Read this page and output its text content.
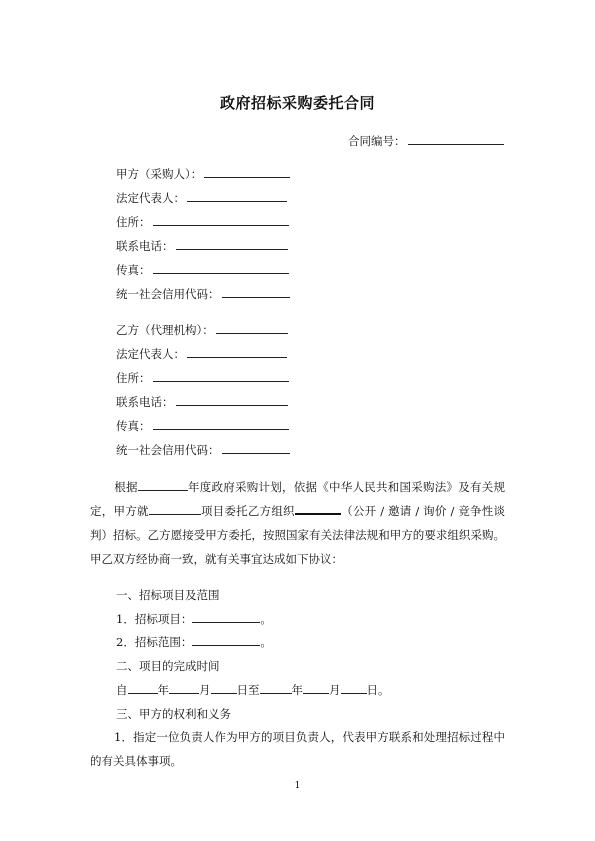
政府招标采购委托合同
合同编号：
甲方（采购人）：
法定代表人：
住所：
联系电话：
传真：
统一社会信用代码：
乙方（代理机构）：
法定代表人：
住所：
联系电话：
传真：
统一社会信用代码：
根据	年度政府采购计划，依据《中华人民共和国采购法》及有关规定，甲方就	项目委托乙方组织	（公开 / 邀请 / 询价 / 竞争性谈判）招标。乙方愿接受甲方委托，按照国家有关法律法规和甲方的要求组织采购。甲乙双方经协商一致，就有关事宜达成如下协议：
一、招标项目及范围
1．招标项目：	。
2．招标范围：	。
二、项目的完成时间
自	年	月 日至	年 月 日。
三、甲方的权利和义务
1．指定一位负责人作为甲方的项目负责人，代表甲方联系和处理招标过程中的有关具体事项。
1
